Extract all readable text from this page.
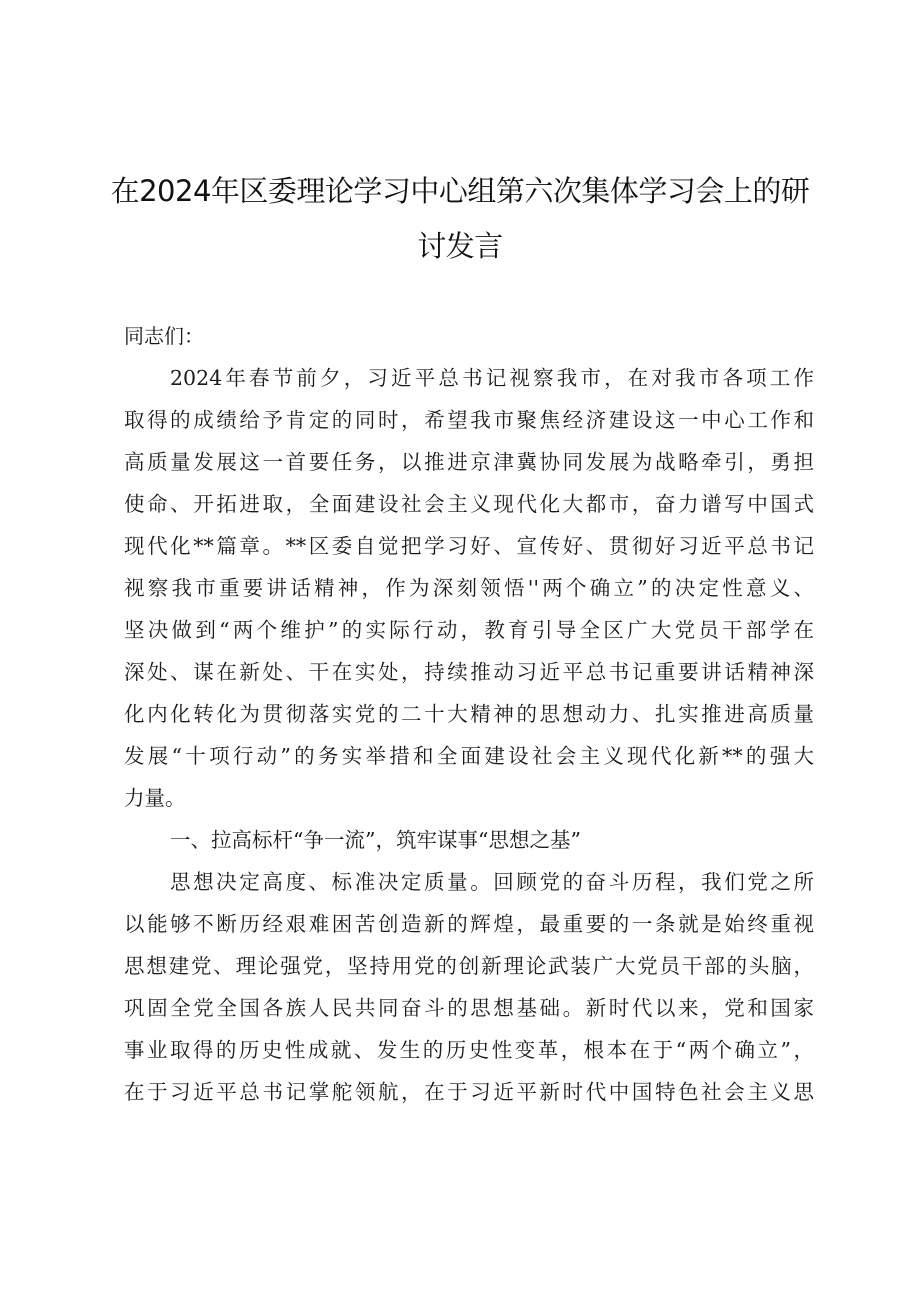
在2024年区委理论学习中心组第六次集体学习会上的研
讨发言

同志们：

2024年春节前夕，习近平总书记视察我市，在对我市各项工作

取得的成绩给予肯定的同时，希望我市聚焦经济建设这一中心工作和

高质量发展这一首要任务，以推进京津冀协同发展为战略牵引，勇担

使命、开拓进取，全面建设社会主义现代化大都市，奋力谱写中国式

现代化**篇章。**区委自觉把学习好、宣传好、贯彻好习近平总书记

视察我市重要讲话精神，作为深刻领悟''两个确立”的决定性意义、

坚决做到“两个维护”的实际行动，教育引导全区广大党员干部学在

深处、谋在新处、干在实处，持续推动习近平总书记重要讲话精神深

化内化转化为贯彻落实党的二十大精神的思想动力、扎实推进高质量

发展“十项行动”的务实举措和全面建设社会主义现代化新**的强大

力量。

一、拉高标杆“争一流”，筑牢谋事“思想之基”

思想决定高度、标准决定质量。回顾党的奋斗历程，我们党之所

以能够不断历经艰难困苦创造新的辉煌，最重要的一条就是始终重视

思想建党、理论强党，坚持用党的创新理论武装广大党员干部的头脑，

巩固全党全国各族人民共同奋斗的思想基础。新时代以来，党和国家

事业取得的历史性成就、发生的历史性变革，根本在于“两个确立”，

在于习近平总书记掌舵领航，在于习近平新时代中国特色社会主义思
